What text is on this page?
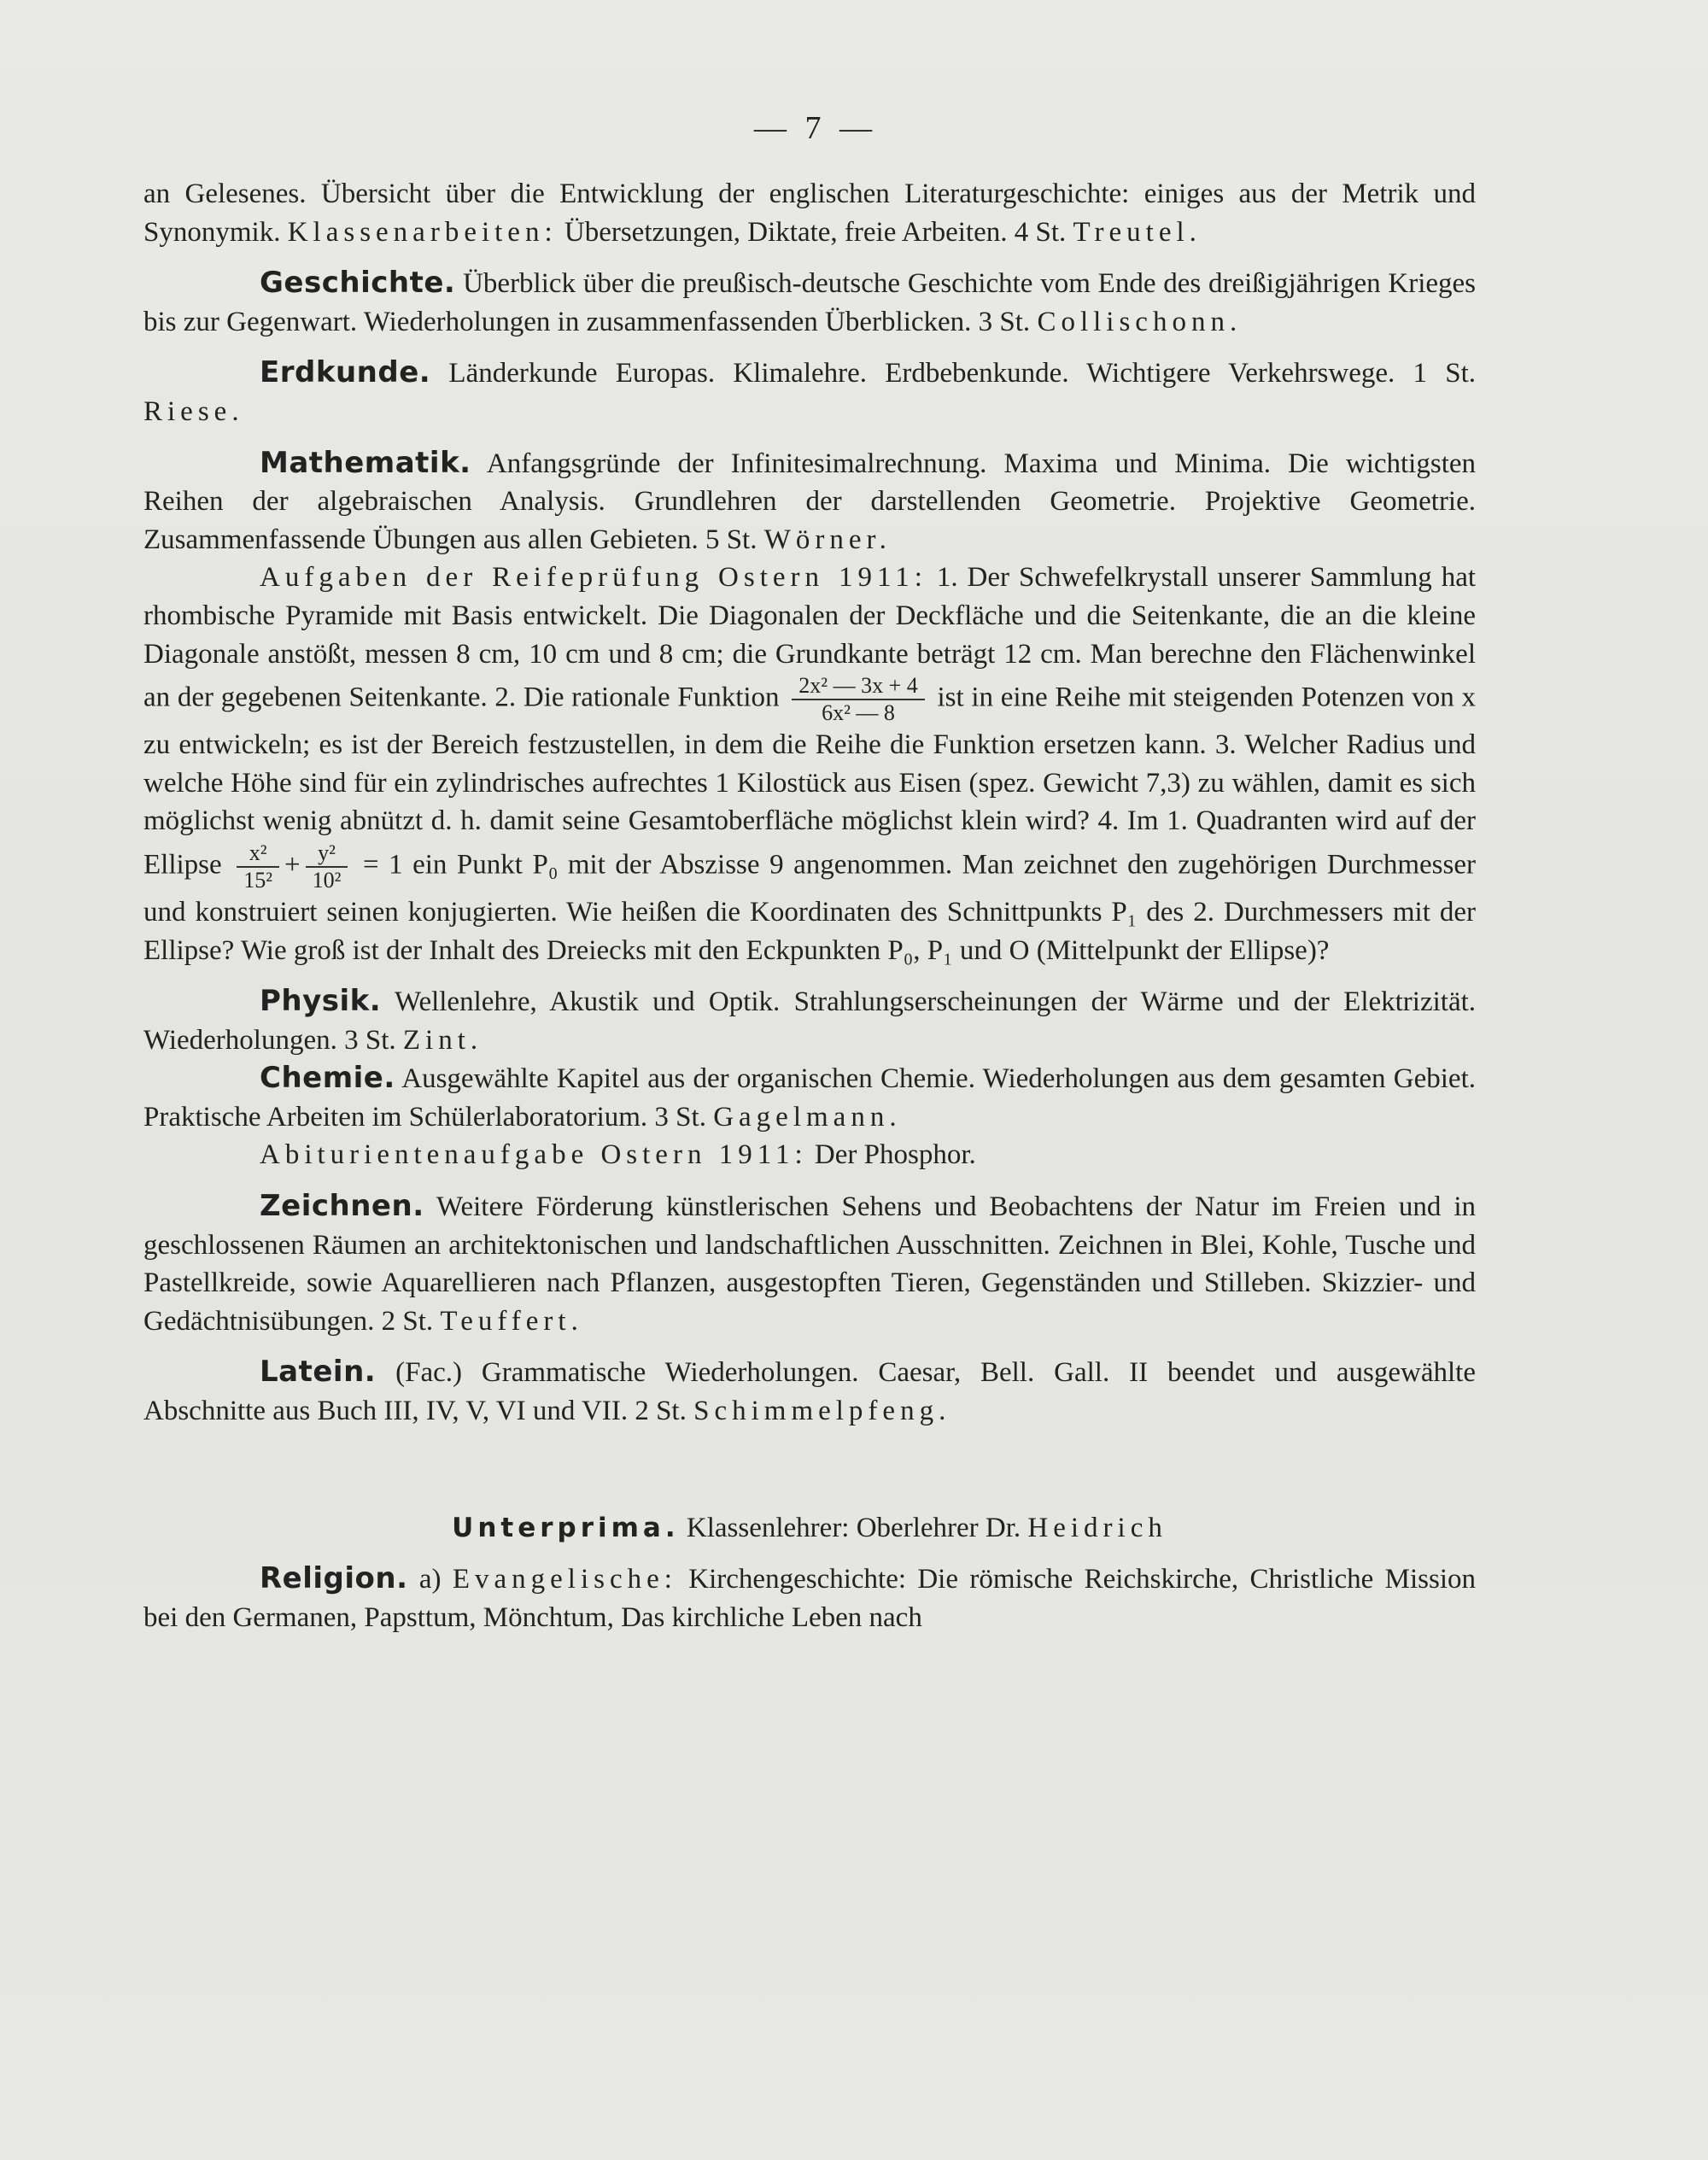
— 7 —

an Gelesenes. Übersicht über die Entwicklung der englischen Literaturgeschichte: einiges aus der Metrik und Synonymik. Klassenarbeiten: Übersetzungen, Diktate, freie Arbeiten. 4 St. Treutel.

Geschichte. Überblick über die preußisch-deutsche Geschichte vom Ende des dreißigjährigen Krieges bis zur Gegenwart. Wiederholungen in zusammenfassenden Überblicken. 3 St. Collischonn.

Erdkunde. Länderkunde Europas. Klimalehre. Erdbebenkunde. Wichtigere Verkehrswege. 1 St. Riese.

Mathematik. Anfangsgründe der Infinitesimalrechnung. Maxima und Minima. Die wichtigsten Reihen der algebraischen Analysis. Grundlehren der darstellenden Geometrie. Projektive Geometrie. Zusammenfassende Übungen aus allen Gebieten. 5 St. Wörner.

Aufgaben der Reifeprüfung Ostern 1911: 1. Der Schwefelkrystall unserer Sammlung hat rhombische Pyramide mit Basis entwickelt. Die Diagonalen der Deckfläche und die Seitenkante, die an die kleine Diagonale anstößt, messen 8 cm, 10 cm und 8 cm; die Grundkante beträgt 12 cm. Man berechne den Flächenwinkel an der gegebenen Seitenkante. 2. Die rationale Funktion $\frac{\text{2x² — 3x + 4}}{\text{6x² — 8}}$ ist in eine Reihe mit steigenden Potenzen von x zu entwickeln; es ist der Bereich festzustellen, in dem die Reihe die Funktion ersetzen kann. 3. Welcher Radius und welche Höhe sind für ein zylindrisches aufrechtes 1 Kilostück aus Eisen (spez. Gewicht 7,3) zu wählen, damit es sich möglichst wenig abnützt d. h. damit seine Gesamtoberfläche möglichst klein wird? 4. Im 1. Quadranten wird auf der Ellipse $\frac{\text{x²}}{\text{15²}} + \frac{\text{y²}}{\text{10²}} = 1$ ein Punkt P₀ mit der Abszisse 9 angenommen. Man zeichnet den zugehörigen Durchmesser und konstruiert seinen konjugierten. Wie heißen die Koordinaten des Schnittpunkts P₁ des 2. Durchmessers mit der Ellipse? Wie groß ist der Inhalt des Dreiecks mit den Eckpunkten P₀, P₁ und O (Mittelpunkt der Ellipse)?

Physik. Wellenlehre, Akustik und Optik. Strahlungserscheinungen der Wärme und der Elektrizität. Wiederholungen. 3 St. Zint.

Chemie. Ausgewählte Kapitel aus der organischen Chemie. Wiederholungen aus dem gesamten Gebiet. Praktische Arbeiten im Schülerlaboratorium. 3 St. Gagelmann.

Abiturientenaufgabe Ostern 1911: Der Phosphor.

Zeichnen. Weitere Förderung künstlerischen Sehens und Beobachtens der Natur im Freien und in geschlossenen Räumen an architektonischen und landschaftlichen Ausschnitten. Zeichnen in Blei, Kohle, Tusche und Pastellkreide, sowie Aquarellieren nach Pflanzen, ausgestopften Tieren, Gegenständen und Stilleben. Skizzier- und Gedächtnisübungen. 2 St. Teuffert.

Latein. (Fac.) Grammatische Wiederholungen. Caesar, Bell. Gall. II beendet und ausgewählte Abschnitte aus Buch III, IV, V, VI und VII. 2 St. Schimmelpfeng.

Unterprima. Klassenlehrer: Oberlehrer Dr. Heidrich

Religion. a) Evangelische: Kirchengeschichte: Die römische Reichskirche, Christliche Mission bei den Germanen, Papsttum, Mönchtum, Das kirchliche Leben nach
